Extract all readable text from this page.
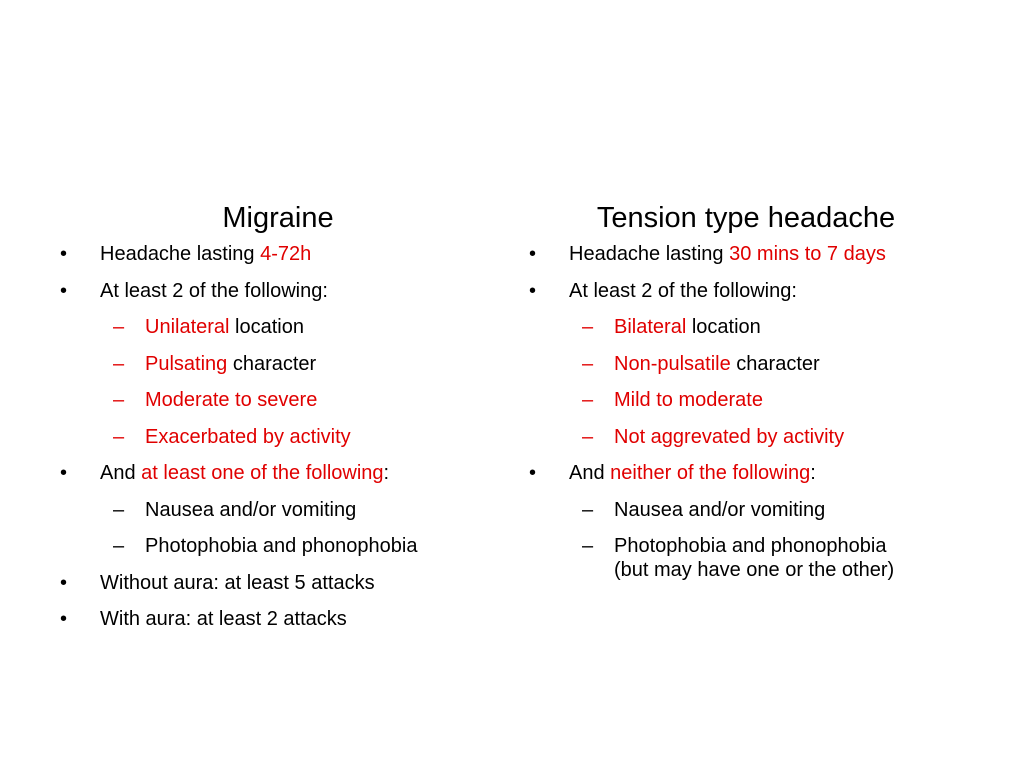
Migraine
• Headache lasting 4-72h
• At least 2 of the following:
– Unilateral location
– Pulsating character
– Moderate to severe
– Exacerbated by activity
• And at least one of the following:
– Nausea and/or vomiting
– Photophobia and phonophobia
• Without aura: at least 5 attacks
• With aura: at least 2 attacks
Tension type headache
• Headache lasting 30 mins to 7 days
• At least 2 of the following:
– Bilateral location
– Non-pulsatile character
– Mild to moderate
– Not aggrevated by activity
• And neither of the following:
– Nausea and/or vomiting
– Photophobia and phonophobia
(but may have one or the other)
